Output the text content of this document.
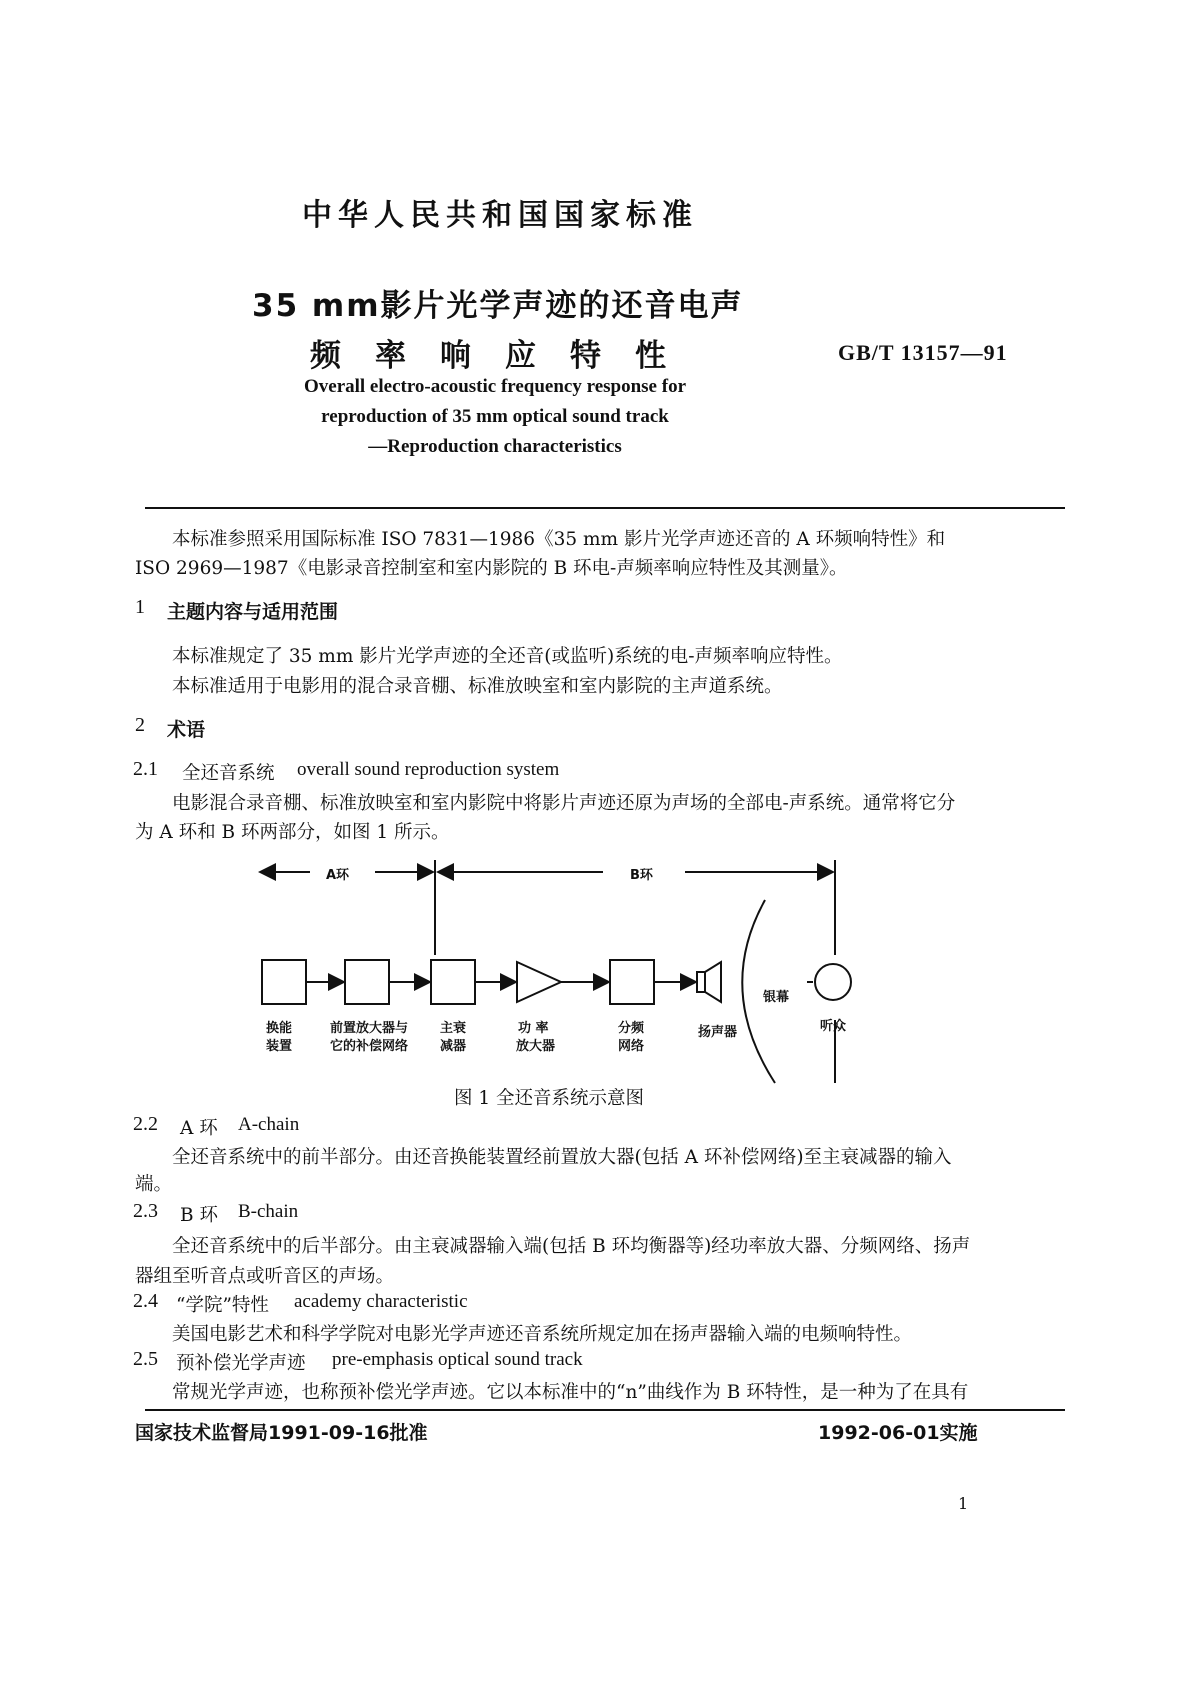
中华人民共和国国家标准
35 mm影片光学声迹的还音电声
频率响应特性	GB/T 13157—91
Overall electro-acoustic frequency response for
reproduction of 35 mm optical sound track
—Reproduction characteristics
本标准参照采用国际标准 ISO 7831—1986《35 mm 影片光学声迹还音的 A 环频响特性》和
ISO 2969—1987《电影录音控制室和室内影院的 B 环电-声频率响应特性及其测量》。
1 主题内容与适用范围
本标准规定了 35 mm 影片光学声迹的全还音(或监听)系统的电-声频率响应特性。
本标准适用于电影用的混合录音棚、标准放映室和室内影院的主声道系统。
2 术语
2.1 全还音系统 overall sound reproduction system
电影混合录音棚、标准放映室和室内影院中将影片声迹还原为声场的全部电-声系统。通常将它分
为 A 环和 B 环两部分，如图 1 所示。
A环	B环
换能
装置
前置放大器与
它的补偿网络
主衰
减器
功 率
放大器
分频
网络
扬声器
银幕
听众
图 1 全还音系统示意图
2.2 A 环 A-chain
全还音系统中的前半部分。由还音换能装置经前置放大器(包括 A 环补偿网络)至主衰减器的输入
端。
2.3 B 环 B-chain
全还音系统中的后半部分。由主衰减器输入端(包括 B 环均衡器等)经功率放大器、分频网络、扬声
器组至听音点或听音区的声场。
2.4 “学院”特性 academy characteristic
美国电影艺术和科学学院对电影光学声迹还音系统所规定加在扬声器输入端的电频响特性。
2.5 预补偿光学声迹 pre-emphasis optical sound track
常规光学声迹，也称预补偿光学声迹。它以本标准中的“n”曲线作为 B 环特性，是一种为了在具有
国家技术监督局1991-09-16批准	1992-06-01实施
1
